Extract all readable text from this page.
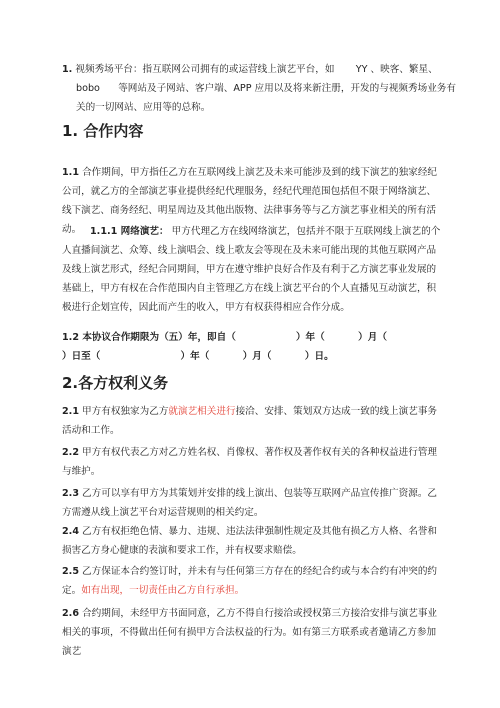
1. 视频秀场平台：指互联网公司拥有的或运营线上演艺平台，如       YY 、映客、繁星、
bobo      等网站及子网站、客户端、APP 应用以及将来新注册，开发的与视频秀场业务有
关的一切网站、应用等的总称。
1. 合作内容
1.1 合作期间，甲方指任乙方在互联网线上演艺及未来可能涉及到的线下演艺的独家经纪公司，就乙方的全部演艺事业提供经纪代理服务，经纪代理范围包括但不限于网络演艺、线下演艺、商务经纪、明星周边及其他出版物、法律事务等与乙方演艺事业相关的所有活动。 1.1.1 网络演艺： 甲方代理乙方在线网络演艺，包括并不限于互联网线上演艺的个人直播间演艺、众筹、线上演唱会、线上歌友会等现在及未来可能出现的其他互联网产品及线上演艺形式，经纪合同期间，甲方在遵守维护良好合作及有利于乙方演艺事业发展的基础上，甲方有权在合作范围内自主管理乙方在线上演艺平台的个人直播见互动演艺，积极进行企划宣传，因此而产生的收入，甲方有权获得相应合作分成。
1.2 本协议合作期限为（五）年，即自（                  ）年（          ）月（
）日至（                        ）年（          ）月（          ）日。
2.各方权利义务
2.1 甲方有权独家为乙方就演艺相关进行接洽、安排、策划双方达成一致的线上演艺事务活动和工作。
2.2 甲方有权代表乙方对乙方姓名权、肖像权、著作权及著作权有关的各种权益进行管理与维护。
2.3 乙方可以享有甲方为其策划并安排的线上演出、包装等互联网产品宣传推广资源。乙方需遵从线上演艺平台对运营规则的相关约定。
2.4 乙方有权拒绝色情、暴力、违规、违法法律强制性规定及其他有损乙方人格、名誉和损害乙方身心健康的表演和要求工作，并有权要求赔偿。
2.5 乙方保证本合约签订时，并未有与任何第三方存在的经纪合约或与本合约有冲突的约定。如有出现，一切责任由乙方自行承担。
2.6 合约期间，未经甲方书面同意，乙方不得自行接洽或授权第三方接洽安排与演艺事业相关的事项，不得做出任何有损甲方合法权益的行为。如有第三方联系或者邀请乙方参加演艺
